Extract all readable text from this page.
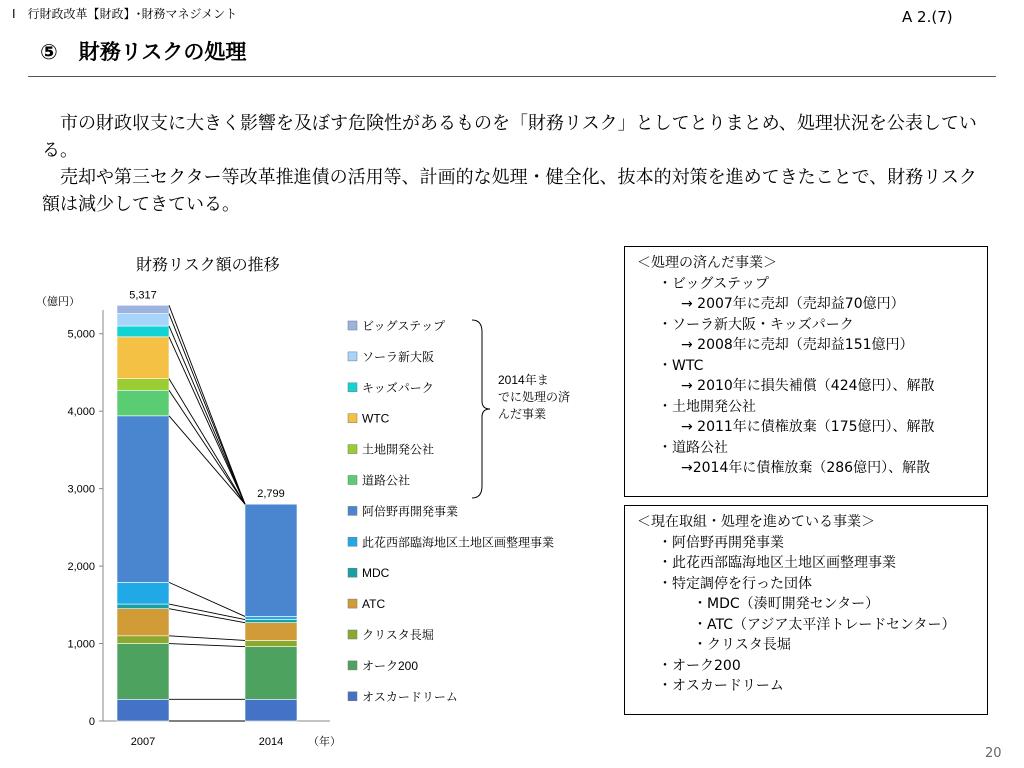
Ⅰ　行財政改革【財政】･財務マネジメント	A 2.(7)
⑤　財務リスクの処理
市の財政収支に大きく影響を及ぼす危険性があるものを「財務リスク」としてとりまとめ、処理状況を公表している。
売却や第三セクター等改革推進債の活用等、計画的な処理・健全化、抜本的対策を進めてきたことで、財務リスク額は減少してきている。
財務リスク額の推移
0
1,000
2,000
3,000
4,000
5,000
（億円）
2007
5,317
2014
2,799
（年）
ビッグステップ
ソーラ新大阪
キッズパーク
WTC
土地開発公社
道路公社
阿倍野再開発事業
此花西部臨海地区土地区画整理事業
MDC
ATC
クリスタ長堀
オーク200
オスカードリーム
2014年ま
でに処理の済
んだ事業
＜処理の済んだ事業＞
・ビッグステップ
→ 2007年に売却（売却益70億円）
・ソーラ新大阪・キッズパーク
→ 2008年に売却（売却益151億円）
・WTC
→ 2010年に損失補償（424億円）、解散
・土地開発公社
→ 2011年に債権放棄（175億円）、解散
・道路公社
→2014年に債権放棄（286億円）、解散
＜現在取組・処理を進めている事業＞
・阿倍野再開発事業
・此花西部臨海地区土地区画整理事業
・特定調停を行った団体
・MDC（湊町開発センター）
・ATC（アジア太平洋トレードセンター）
・クリスタ長堀
・オーク200
・オスカードリーム
20
